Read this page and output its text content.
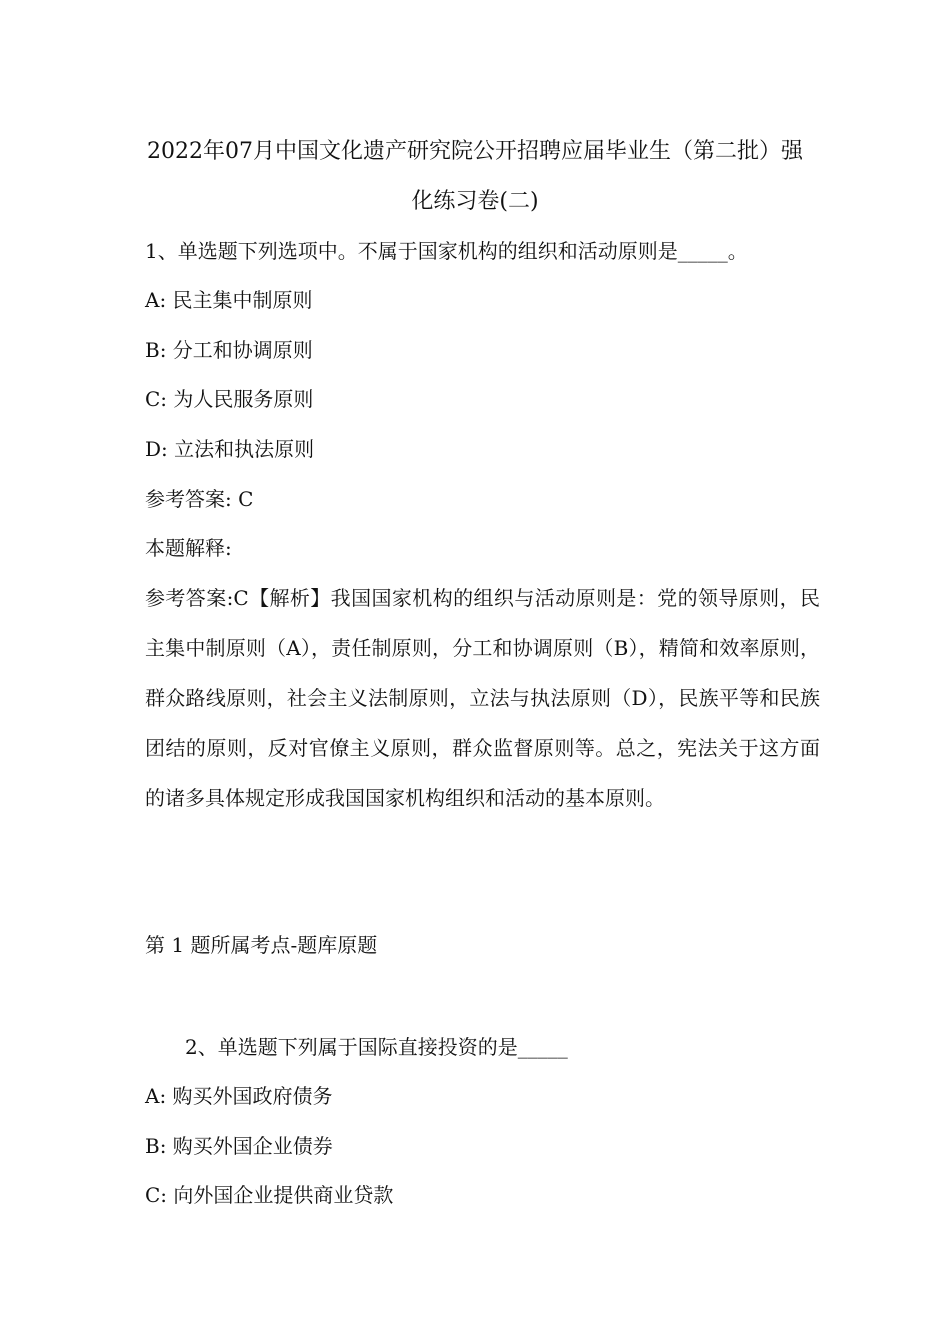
2022年07月中国文化遗产研究院公开招聘应届毕业生（第二批）强化练习卷(二)
1、单选题下列选项中。不属于国家机构的组织和活动原则是_____。
A: 民主集中制原则
B: 分工和协调原则
C: 为人民服务原则
D: 立法和执法原则
参考答案: C
本题解释:
参考答案:C【解析】我国国家机构的组织与活动原则是：党的领导原则，民主集中制原则（A），责任制原则，分工和协调原则（B），精简和效率原则，群众路线原则，社会主义法制原则，立法与执法原则（D），民族平等和民族团结的原则，反对官僚主义原则，群众监督原则等。总之，宪法关于这方面的诸多具体规定形成我国国家机构组织和活动的基本原则。
第 1 题所属考点-题库原题
2、单选题下列属于国际直接投资的是_____
A: 购买外国政府债务
B: 购买外国企业债券
C: 向外国企业提供商业贷款
